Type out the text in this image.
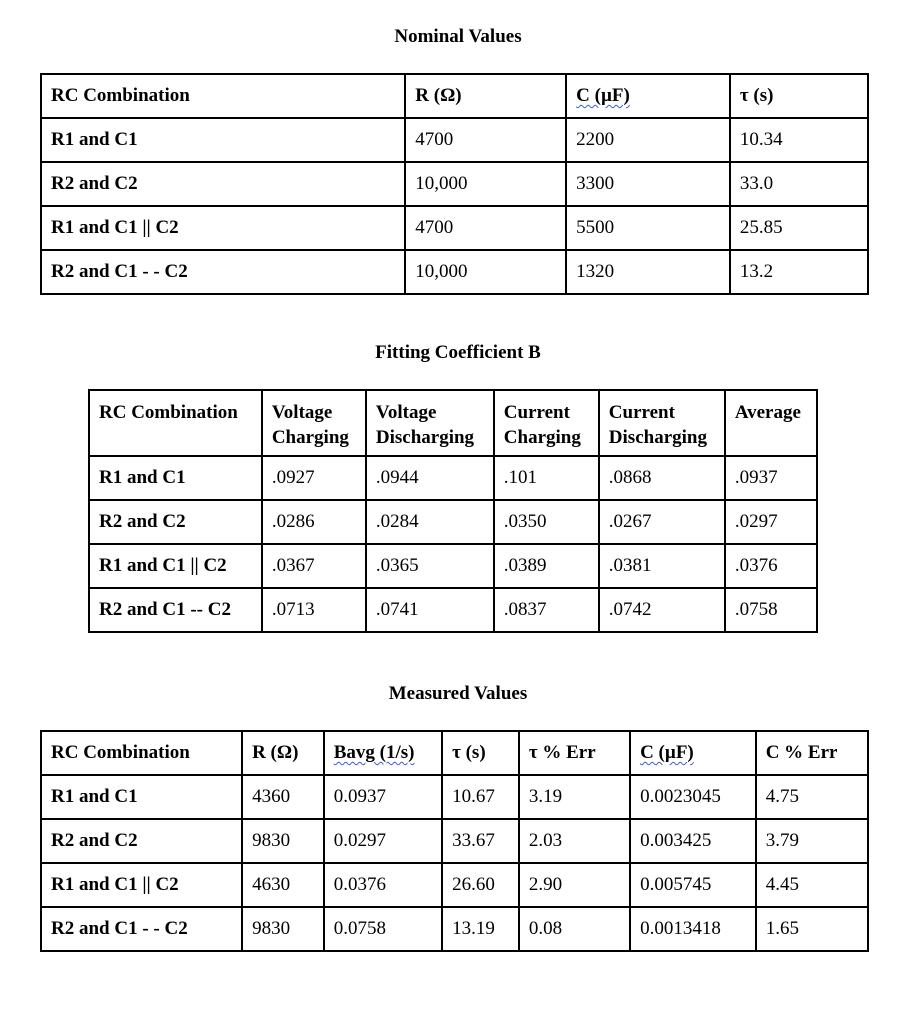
Nominal Values
RC Combination	R (Ω)	C (µF)	τ (s)
R1 and C1	4700	2200	10.34
R2 and C2	10,000	3300	33.0
R1 and C1 || C2	4700	5500	25.85
R2 and C1 - - C2	10,000	1320	13.2
Fitting Coefficient B
RC Combination	Voltage Charging	Voltage Discharging	Current Charging	Current Discharging	Average
R1 and C1	.0927	.0944	.101	.0868	.0937
R2 and C2	.0286	.0284	.0350	.0267	.0297
R1 and C1 || C2	.0367	.0365	.0389	.0381	.0376
R2 and C1 -- C2	.0713	.0741	.0837	.0742	.0758
Measured Values
RC Combination	R (Ω)	Bavg (1/s)	τ (s)	τ % Err	C (µF)	C % Err
R1 and C1	4360	0.0937	10.67	3.19	0.0023045	4.75
R2 and C2	9830	0.0297	33.67	2.03	0.003425	3.79
R1 and C1 || C2	4630	0.0376	26.60	2.90	0.005745	4.45
R2 and C1 - - C2	9830	0.0758	13.19	0.08	0.0013418	1.65
